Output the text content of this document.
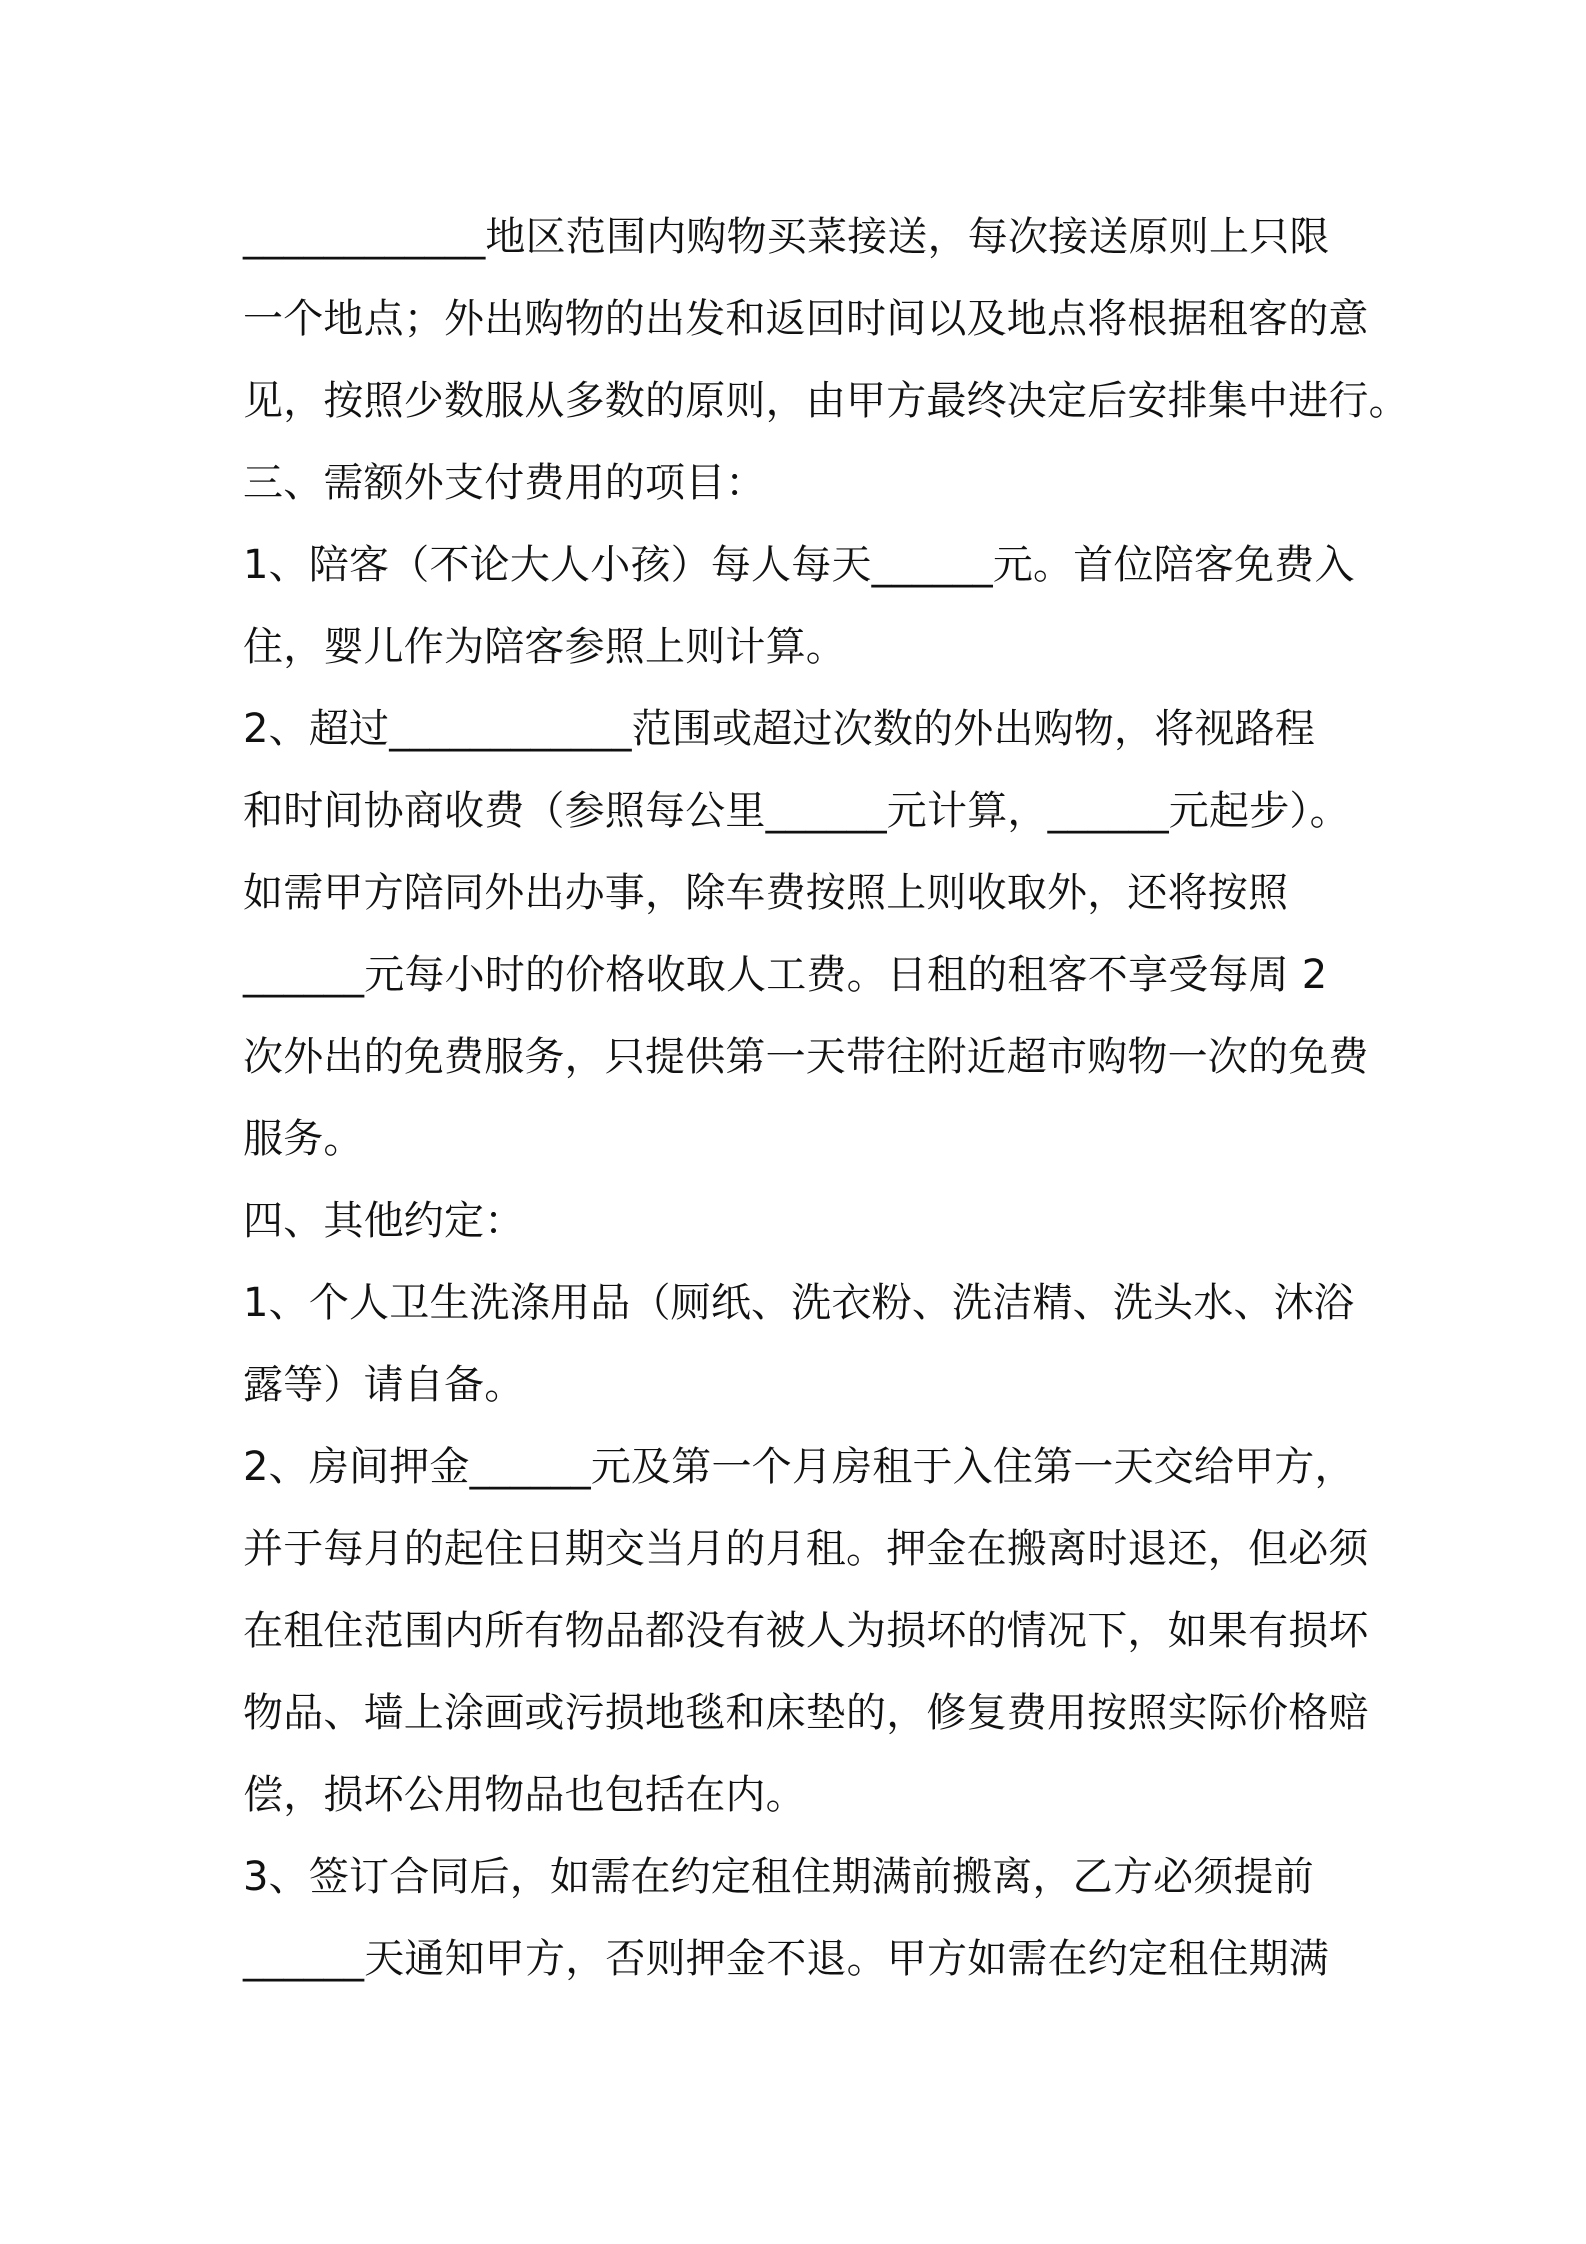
____________地区范围内购物买菜接送，每次接送原则上只限
一个地点；外出购物的出发和返回时间以及地点将根据租客的意
见，按照少数服从多数的原则，由甲方最终决定后安排集中进行。
三、需额外支付费用的项目：
1、陪客（不论大人小孩）每人每天______元。首位陪客免费入
住，婴儿作为陪客参照上则计算。
2、超过____________范围或超过次数的外出购物，将视路程
和时间协商收费（参照每公里______元计算，______元起步）。
如需甲方陪同外出办事，除车费按照上则收取外，还将按照
______元每小时的价格收取人工费。日租的租客不享受每周 2
次外出的免费服务，只提供第一天带往附近超市购物一次的免费
服务。
四、其他约定：
1、个人卫生洗涤用品（厕纸、洗衣粉、洗洁精、洗头水、沐浴
露等）请自备。
2、房间押金______元及第一个月房租于入住第一天交给甲方，
并于每月的起住日期交当月的月租。押金在搬离时退还，但必须
在租住范围内所有物品都没有被人为损坏的情况下，如果有损坏
物品、墙上涂画或污损地毯和床垫的，修复费用按照实际价格赔
偿，损坏公用物品也包括在内。
3、签订合同后，如需在约定租住期满前搬离，乙方必须提前
______天通知甲方，否则押金不退。甲方如需在约定租住期满
